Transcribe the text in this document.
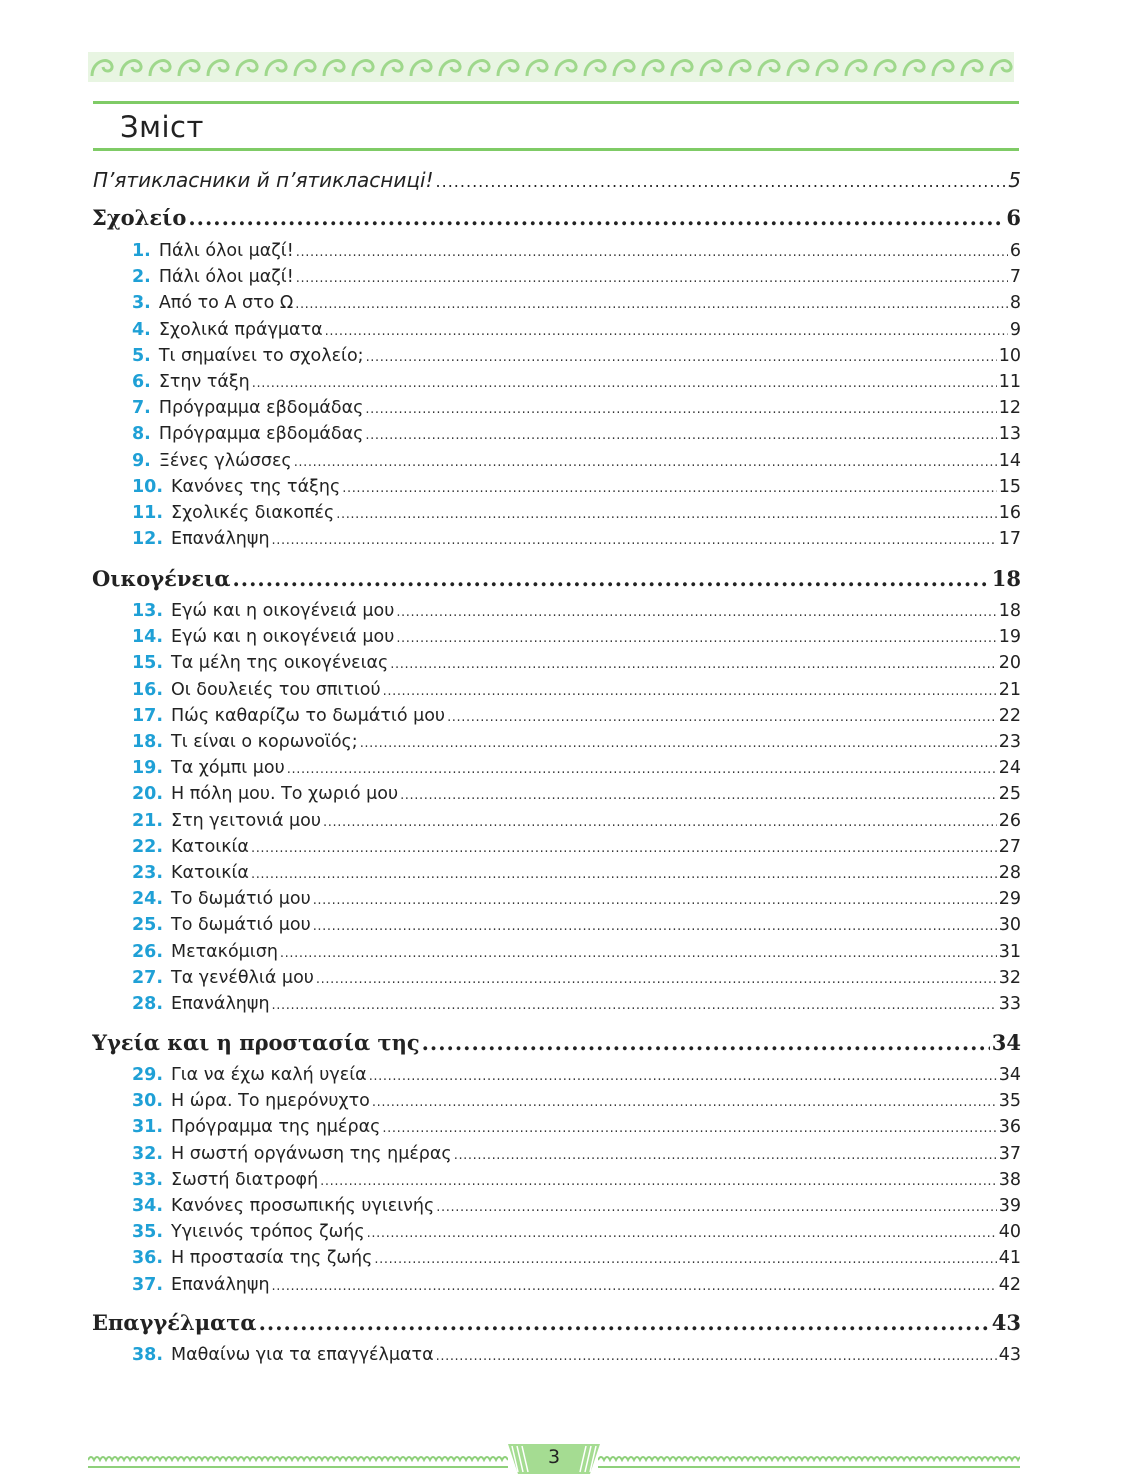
Зміст
П’ятикласники й п’ятикласниці! .....	5
Σχολείο .....	6
1. Πάλι όλοι μαζί! .....	6
2. Πάλι όλοι μαζί! .....	7
3. Από το Α στο Ω .....	8
4. Σχολικά πράγματα .....	9
5. Τι σημαίνει το σχολείο; .....	10
6. Στην τάξη .....	11
7. Πρόγραμμα εβδομάδας .....	12
8. Πρόγραμμα εβδομάδας .....	13
9. Ξένες γλώσσες .....	14
10. Κανόνες της τάξης .....	15
11. Σχολικές διακοπές .....	16
12. Επανάληψη .....	17
Οικογένεια .....	18
13. Εγώ και η οικογένειά μου .....	18
14. Εγώ και η οικογένειά μου .....	19
15. Τα μέλη της οικογένειας .....	20
16. Οι δουλειές του σπιτιού .....	21
17. Πώς καθαρίζω το δωμάτιό μου .....	22
18. Τι είναι ο κορωνοϊός; .....	23
19. Τα χόμπι μου .....	24
20. Η πόλη μου. Το χωριό μου .....	25
21. Στη γειτονιά μου .....	26
22. Κατοικία .....	27
23. Κατοικία .....	28
24. Το δωμάτιό μου .....	29
25. Το δωμάτιό μου .....	30
26. Μετακόμιση .....	31
27. Τα γενέθλιά μου .....	32
28. Επανάληψη .....	33
Υγεία και η προστασία της .....	34
29. Για να έχω καλή υγεία .....	34
30. Η ώρα. Το ημερόνυχτο .....	35
31. Πρόγραμμα της ημέρας .....	36
32. Η σωστή οργάνωση της ημέρας .....	37
33. Σωστή διατροφή .....	38
34. Κανόνες προσωπικής υγιεινής .....	39
35. Υγιεινός τρόπος ζωής .....	40
36. Η προστασία της ζωής .....	41
37. Επανάληψη .....	42
Επαγγέλματα .....	43
38. Μαθαίνω για τα επαγγέλματα .....	43
3
